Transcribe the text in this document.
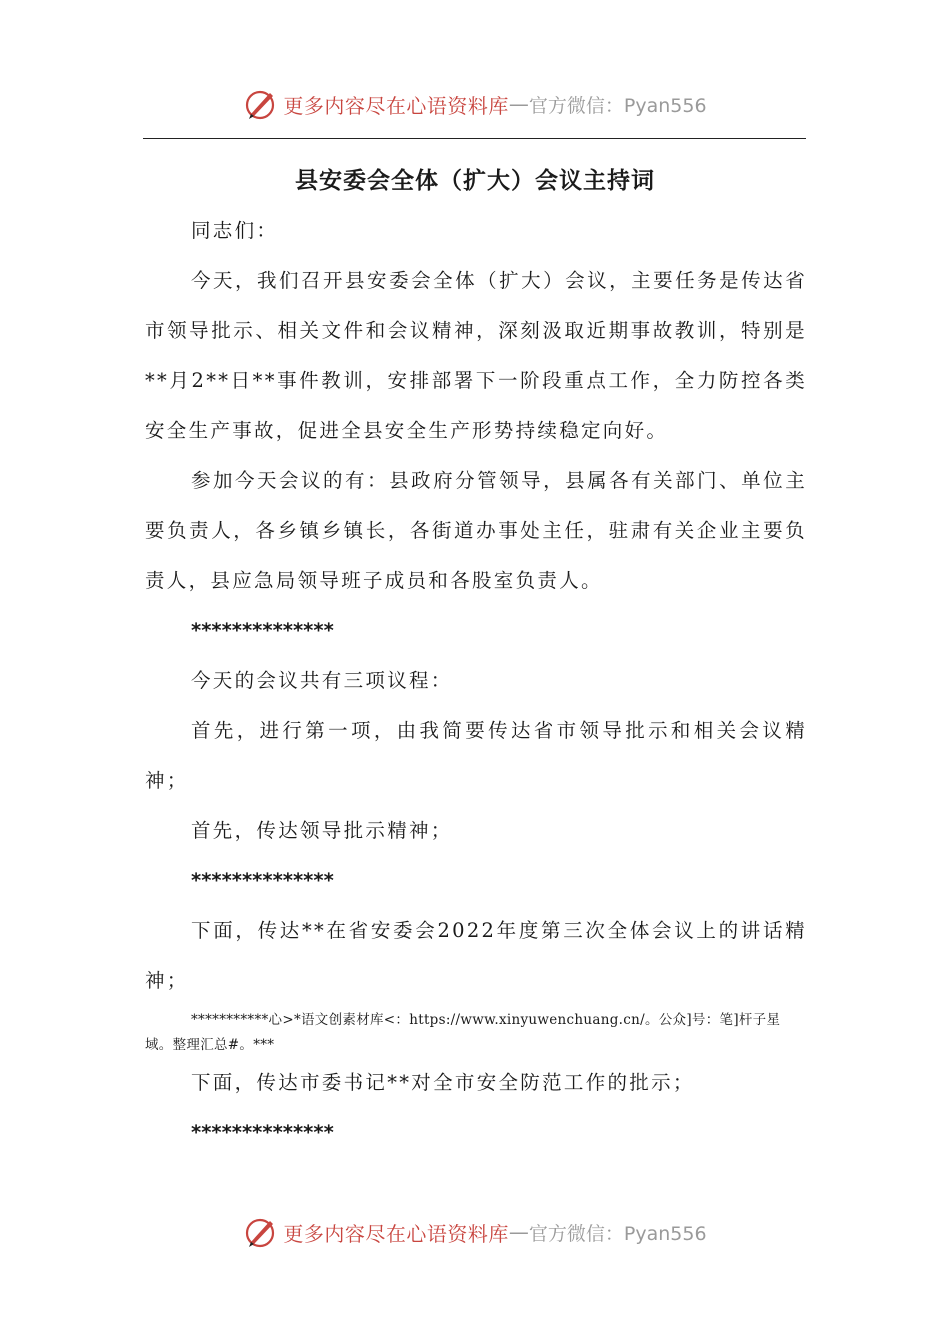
更多内容尽在心语资料库 — 官方微信：Pyan556
县安委会全体（扩大）会议主持词

同志们：

今天，我们召开县安委会全体（扩大）会议，主要任务是传达省市领导批示、相关文件和会议精神，深刻汲取近期事故教训，特别是**月2**日**事件教训，安排部署下一阶段重点工作，全力防控各类安全生产事故，促进全县安全生产形势持续稳定向好。

参加今天会议的有：县政府分管领导，县属各有关部门、单位主要负责人，各乡镇乡镇长，各街道办事处主任，驻肃有关企业主要负责人，县应急局领导班子成员和各股室负责人。

**************

今天的会议共有三项议程：

首先，进行第一项，由我简要传达省市领导批示和相关会议精神；

首先，传达领导批示精神；

**************

下面，传达**在省安委会2022年度第三次全体会议上的讲话精神；

***********心>*语文创素材库<：https://www.xinyuwenchuang.cn/。公众]号：笔]杆子星域。整理汇总#。***

下面，传达市委书记**对全市安全防范工作的批示；

**************

更多内容尽在心语资料库 — 官方微信：Pyan556
